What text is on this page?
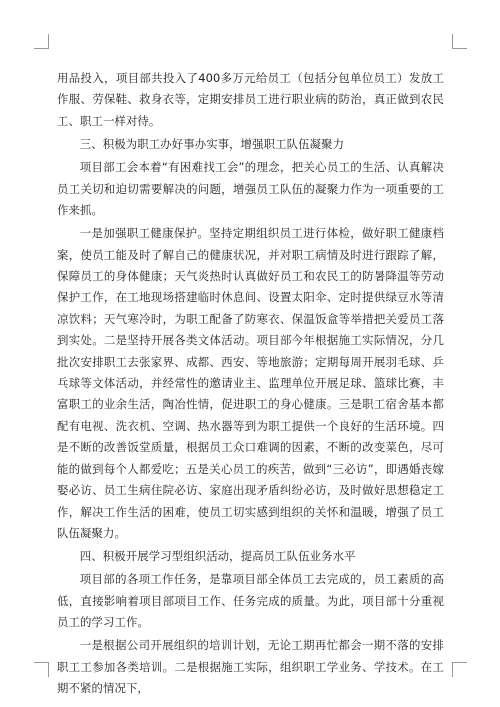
用品投入，项目部共投入了400多万元给员工（包括分包单位员工）发放工作服、劳保鞋、救身衣等，定期安排员工进行职业病的防治，真正做到农民工、职工一样对待。

三、积极为职工办好事办实事，增强职工队伍凝聚力

项目部工会本着“有困难找工会”的理念，把关心员工的生活、认真解决员工关切和迫切需要解决的问题，增强员工队伍的凝聚力作为一项重要的工作来抓。

一是加强职工健康保护。坚持定期组织员工进行体检，做好职工健康档案，使员工能及时了解自己的健康状况，并对职工病情及时进行跟踪了解，保障员工的身体健康；天气炎热时认真做好员工和农民工的防暑降温等劳动保护工作，在工地现场搭建临时休息间、设置太阳伞、定时提供绿豆水等清凉饮料；天气寒冷时，为职工配备了防寒衣、保温饭盒等举措把关爱员工落到实处。二是坚持开展各类文体活动。项目部今年根据施工实际情况，分几批次安排职工去张家界、成都、西安、等地旅游；定期每周开展羽毛球、乒乓球等文体活动，并经常性的邀请业主、监理单位开展足球、篮球比赛，丰富职工的业余生活，陶冶性情，促进职工的身心健康。三是职工宿舍基本都配有电视、洗衣机、空调、热水器等到为职工提供一个良好的生活环境。四是不断的改善饭堂质量，根据员工众口难调的因素，不断的改变菜色，尽可能的做到每个人都爱吃；五是关心员工的疾苦，做到“三必访”，即遇婚丧嫁娶必访、员工生病住院必访、家庭出现矛盾纠纷必访，及时做好思想稳定工作，解决工作生活的困难，使员工切实感到组织的关怀和温暖，增强了员工队伍凝聚力。

四、积极开展学习型组织活动，提高员工队伍业务水平

项目部的各项工作任务，是靠项目部全体员工去完成的，员工素质的高低，直接影响着项目部项目工作、任务完成的质量。为此，项目部十分重视员工的学习工作。

一是根据公司开展组织的培训计划，无论工期再忙都会一期不落的安排职工工参加各类培训。二是根据施工实际，组织职工学业务、学技术。在工期不紧的情况下，
